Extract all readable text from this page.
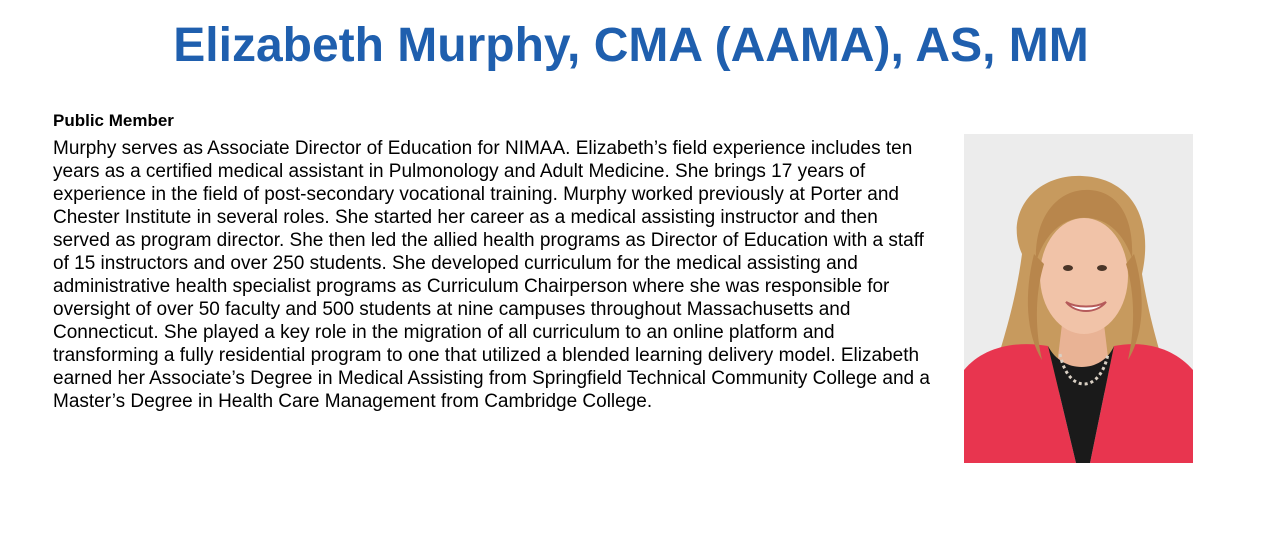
Elizabeth Murphy, CMA (AAMA), AS, MM

Public Member

Murphy serves as Associate Director of Education for NIMAA. Elizabeth’s field experience includes ten years as a certified medical assistant in Pulmonology and Adult Medicine. She brings 17 years of experience in the field of post-secondary vocational training. Murphy worked previously at Porter and Chester Institute in several roles. She started her career as a medical assisting instructor and then served as program director. She then led the allied health programs as Director of Education with a staff of 15 instructors and over 250 students. She developed curriculum for the medical assisting and administrative health specialist programs as Curriculum Chairperson where she was responsible for oversight of over 50 faculty and 500 students at nine campuses throughout Massachusetts and Connecticut. She played a key role in the migration of all curriculum to an online platform and transforming a fully residential program to one that utilized a blended learning delivery model. Elizabeth earned her Associate’s Degree in Medical Assisting from Springfield Technical Community College and a Master’s Degree in Health Care Management from Cambridge College.
